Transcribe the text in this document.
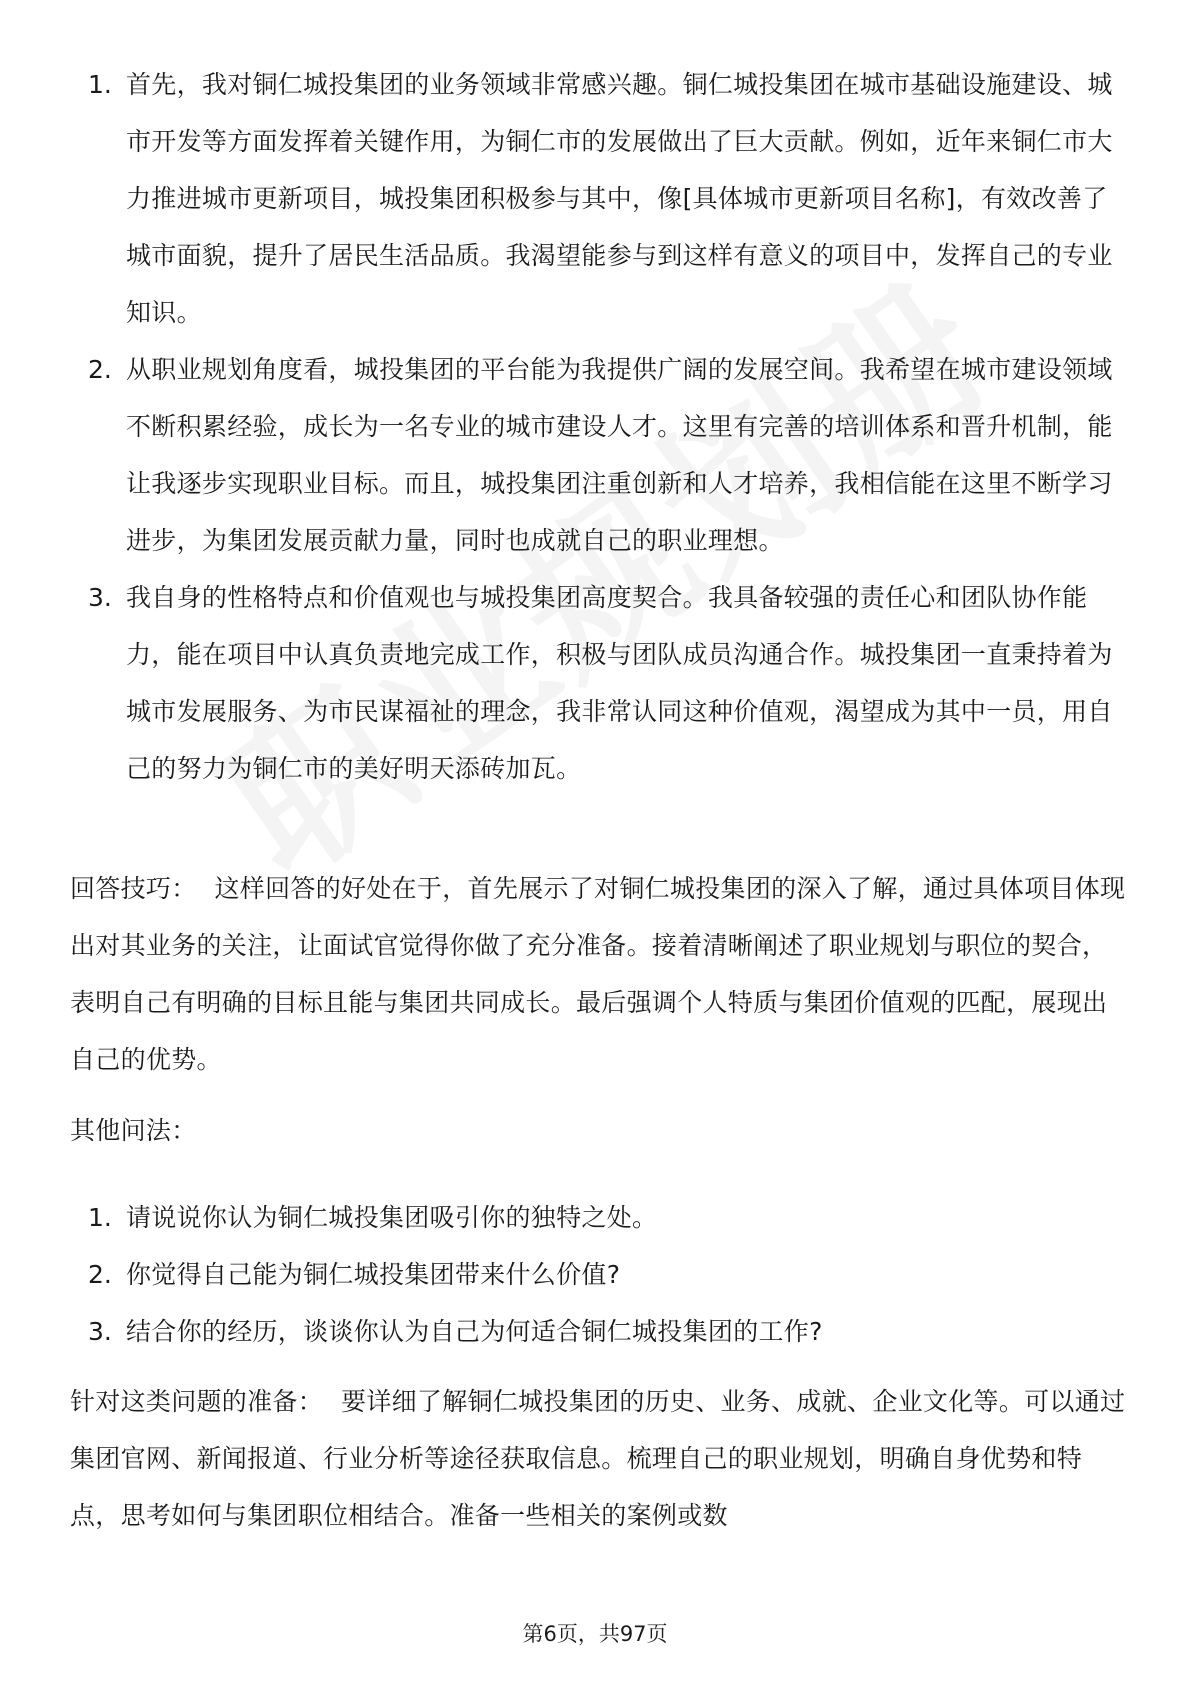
1. 首先，我对铜仁城投集团的业务领域非常感兴趣。铜仁城投集团在城市基础设施建设、城市开发等方面发挥着关键作用，为铜仁市的发展做出了巨大贡献。例如，近年来铜仁市大力推进城市更新项目，城投集团积极参与其中，像[具体城市更新项目名称]，有效改善了城市面貌，提升了居民生活品质。我渴望能参与到这样有意义的项目中，发挥自己的专业知识。
2. 从职业规划角度看，城投集团的平台能为我提供广阔的发展空间。我希望在城市建设领域不断积累经验，成长为一名专业的城市建设人才。这里有完善的培训体系和晋升机制，能让我逐步实现职业目标。而且，城投集团注重创新和人才培养，我相信能在这里不断学习进步，为集团发展贡献力量，同时也成就自己的职业理想。
3. 我自身的性格特点和价值观也与城投集团高度契合。我具备较强的责任心和团队协作能力，能在项目中认真负责地完成工作，积极与团队成员沟通合作。城投集团一直秉持着为城市发展服务、为市民谋福祉的理念，我非常认同这种价值观，渴望成为其中一员，用自己的努力为铜仁市的美好明天添砖加瓦。

回答技巧： 这样回答的好处在于，首先展示了对铜仁城投集团的深入了解，通过具体项目体现出对其业务的关注，让面试官觉得你做了充分准备。接着清晰阐述了职业规划与职位的契合，表明自己有明确的目标且能与集团共同成长。最后强调个人特质与集团价值观的匹配，展现出自己的优势。

其他问法：

1. 请说说你认为铜仁城投集团吸引你的独特之处。
2. 你觉得自己能为铜仁城投集团带来什么价值?
3. 结合你的经历，谈谈你认为自己为何适合铜仁城投集团的工作?

针对这类问题的准备： 要详细了解铜仁城投集团的历史、业务、成就、企业文化等。可以通过集团官网、新闻报道、行业分析等途径获取信息。梳理自己的职业规划，明确自身优势和特点，思考如何与集团职位相结合。准备一些相关的案例或数

第6页，共97页
